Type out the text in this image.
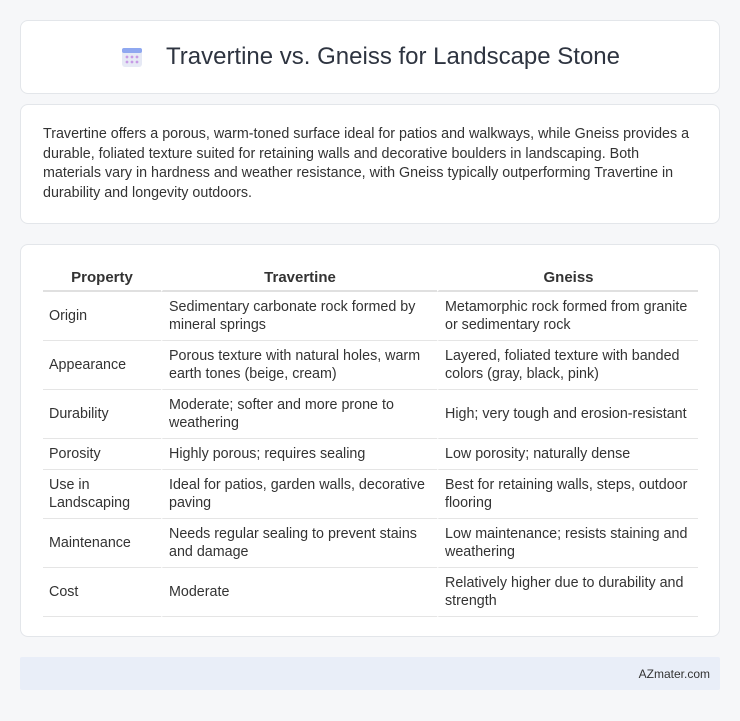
Travertine vs. Gneiss for Landscape Stone

Travertine offers a porous, warm-toned surface ideal for patios and walkways, while Gneiss provides a durable, foliated texture suited for retaining walls and decorative boulders in landscaping. Both materials vary in hardness and weather resistance, with Gneiss typically outperforming Travertine in durability and longevity outdoors.

Property	Travertine	Gneiss
Origin	Sedimentary carbonate rock formed by mineral springs	Metamorphic rock formed from granite or sedimentary rock
Appearance	Porous texture with natural holes, warm earth tones (beige, cream)	Layered, foliated texture with banded colors (gray, black, pink)
Durability	Moderate; softer and more prone to weathering	High; very tough and erosion-resistant
Porosity	Highly porous; requires sealing	Low porosity; naturally dense
Use in Landscaping	Ideal for patios, garden walls, decorative paving	Best for retaining walls, steps, outdoor flooring
Maintenance	Needs regular sealing to prevent stains and damage	Low maintenance; resists staining and weathering
Cost	Moderate	Relatively higher due to durability and strength
AZmater.com
